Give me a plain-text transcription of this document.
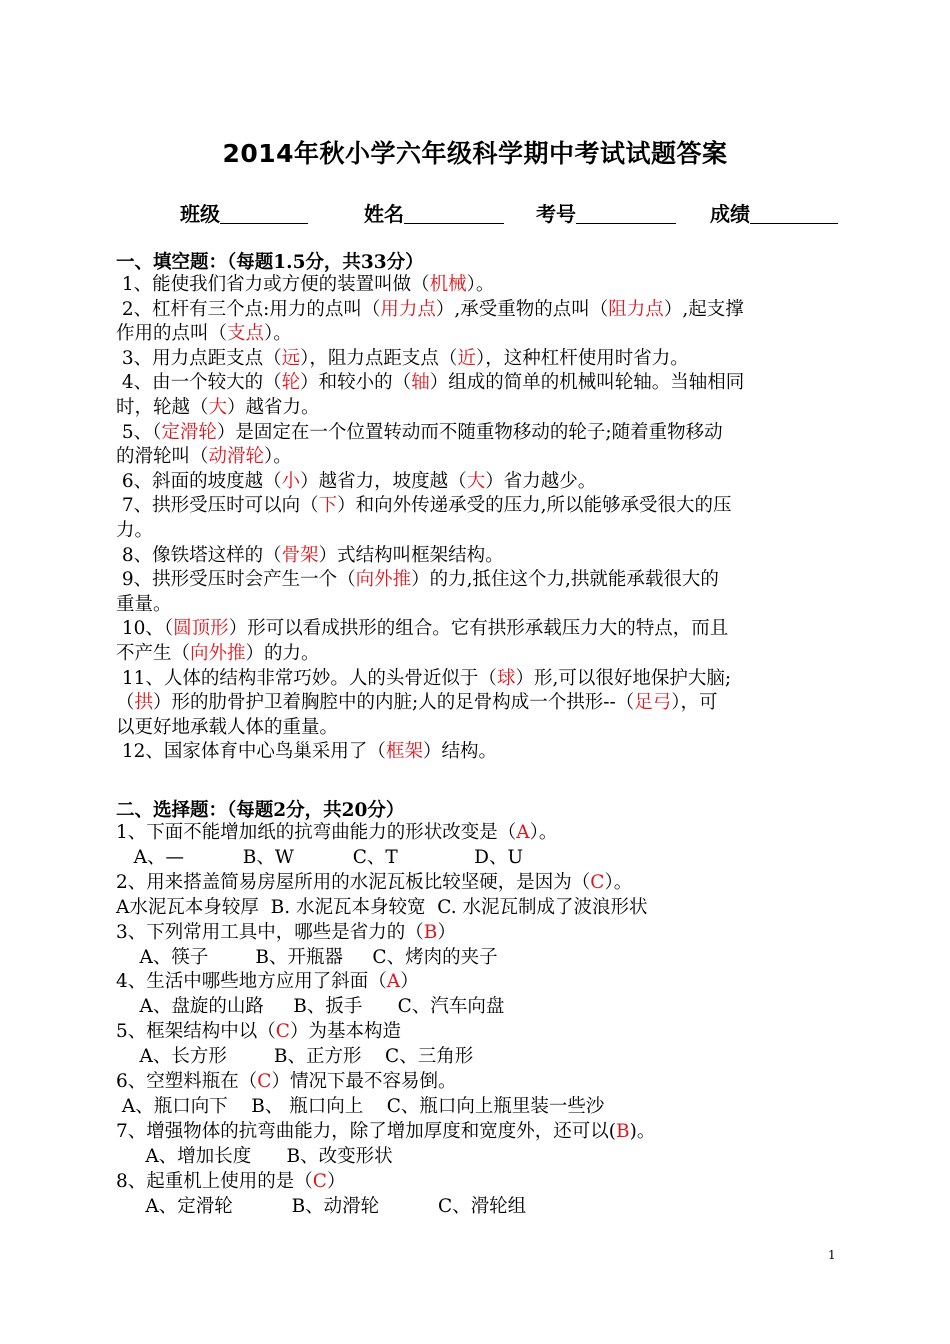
2014年秋小学六年级科学期中考试试题答案
班级	姓名	考号	成绩
一、填空题：（每题1.5分，共33分）
1、能使我们省力或方便的装置叫做（机械）。
2、杠杆有三个点:用力的点叫（用力点）,承受重物的点叫（阻力点）,起支撑
作用的点叫（支点）。
3、用力点距支点（远），阻力点距支点（近），这种杠杆使用时省力。
4、由一个较大的（轮）和较小的（轴）组成的简单的机械叫轮轴。当轴相同
时，轮越（大）越省力。
5、（定滑轮）是固定在一个位置转动而不随重物移动的轮子;随着重物移动
的滑轮叫（动滑轮）。
6、斜面的坡度越（小）越省力，坡度越（大）省力越少。
7、拱形受压时可以向（下）和向外传递承受的压力,所以能够承受很大的压
力。
8、像铁塔这样的（骨架）式结构叫框架结构。
9、拱形受压时会产生一个（向外推）的力,抵住这个力,拱就能承载很大的
重量。
10、（圆顶形）形可以看成拱形的组合。它有拱形承载压力大的特点，而且
不产生（向外推）的力。
11、人体的结构非常巧妙。人的头骨近似于（球）形,可以很好地保护大脑;
（拱）形的肋骨护卫着胸腔中的内脏;人的足骨构成一个拱形--（足弓），可
以更好地承载人体的重量。
12、国家体育中心鸟巢采用了（框架）结构。
二、选择题：（每题2分，共20分）
1、下面不能增加纸的抗弯曲能力的形状改变是（A）。
A、—          B、W          C、T             D、U
2、用来搭盖简易房屋所用的水泥瓦板比较坚硬，是因为（C）。
A水泥瓦本身较厚  B. 水泥瓦本身较宽  C. 水泥瓦制成了波浪形状
3、下列常用工具中，哪些是省力的（B）
A、筷子        B、开瓶器     C、烤肉的夹子
4、生活中哪些地方应用了斜面（A）
A、盘旋的山路     B、扳手      C、汽车向盘
5、框架结构中以（C）为基本构造
A、长方形        B、正方形    C、三角形
6、空塑料瓶在（C）情况下最不容易倒。
A、瓶口向下    B、 瓶口向上    C、瓶口向上瓶里装一些沙
7、增强物体的抗弯曲能力，除了增加厚度和宽度外，还可以(B)。
A、增加长度      B、改变形状
8、起重机上使用的是（C）
A、定滑轮          B、动滑轮          C、滑轮组
1
